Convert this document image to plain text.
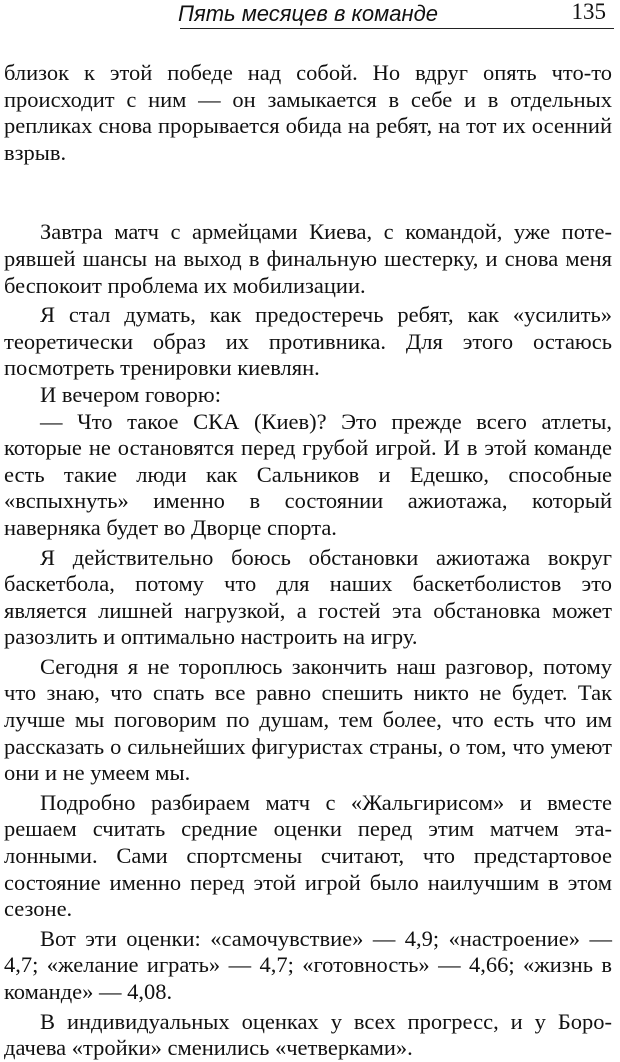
Пять месяцев в команде	135

близок к этой победе над собой. Но вдруг опять что-то происходит с ним — он замыкается в себе и в отдельных репликах снова прорывается обида на ребят, на тот их осенний взрыв.

Завтра матч с армейцами Киева, с командой, уже потерявшей шансы на выход в финальную шестерку, и снова меня беспокоит проблема их мобилизации.

Я стал думать, как предостеречь ребят, как «усилить» теоретически образ их противника. Для этого остаюсь посмотреть тренировки киевлян.

И вечером говорю:

— Что такое СКА (Киев)? Это прежде всего атлеты, которые не остановятся перед грубой игрой. И в этой команде есть такие люди как Сальников и Едешко, способные «вспыхнуть» именно в состоянии ажиотажа, который наверняка будет во Дворце спорта.

Я действительно боюсь обстановки ажиотажа вокруг баскетбола, потому что для наших баскетболистов это является лишней нагрузкой, а гостей эта обстановка может разозлить и оптимально настроить на игру.

Сегодня я не тороплюсь закончить наш разговор, потому что знаю, что спать все равно спешить никто не будет. Так лучше мы поговорим по душам, тем более, что есть что им рассказать о сильнейших фигуристах страны, о том, что умеют они и не умеем мы.

Подробно разбираем матч с «Жальгирисом» и вместе решаем считать средние оценки перед этим матчем эталонными. Сами спортсмены считают, что предстартовое состояние именно перед этой игрой было наилучшим в этом сезоне.

Вот эти оценки: «самочувствие» — 4,9; «настроение» — 4,7; «желание играть» — 4,7; «готовность» — 4,66; «жизнь в команде» — 4,08.

В индивидуальных оценках у всех прогресс, и у Бородачева «тройки» сменились «четверками».
